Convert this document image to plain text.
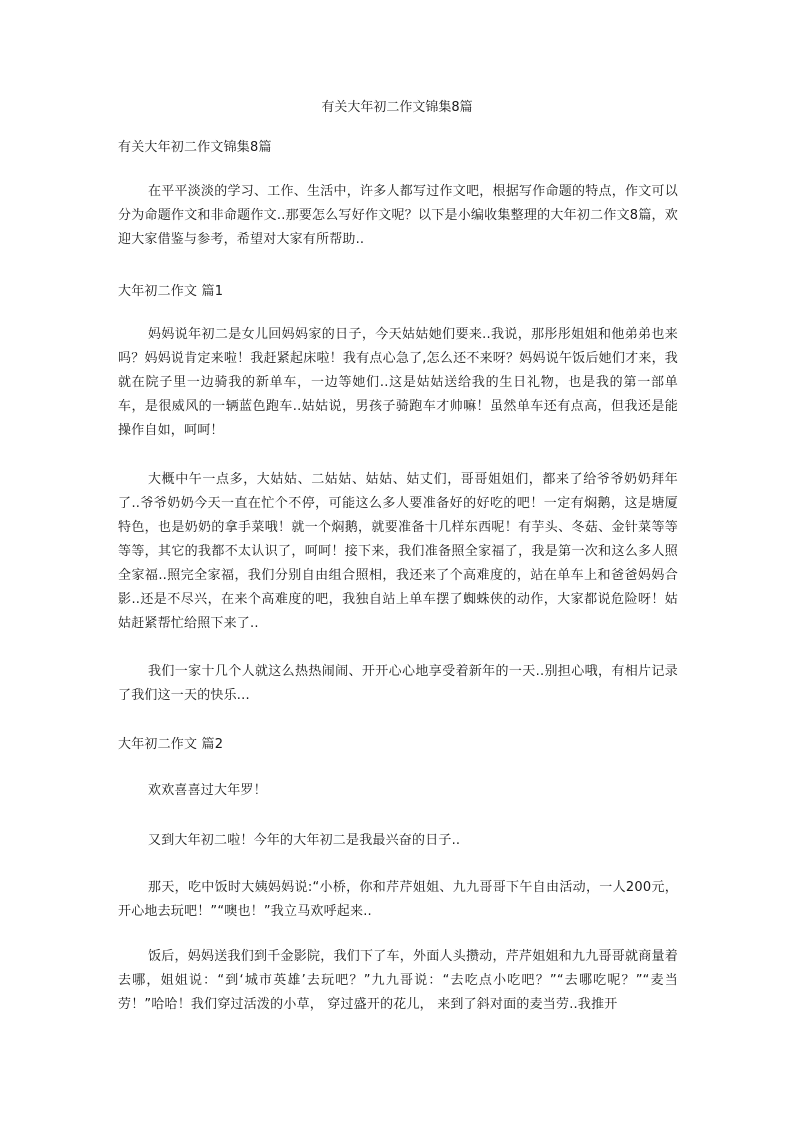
有关大年初二作文锦集8篇

有关大年初二作文锦集8篇

在平平淡淡的学习、工作、生活中，许多人都写过作文吧，根据写作命题的特点，作文可以分为命题作文和非命题作文..那要怎么写好作文呢？以下是小编收集整理的大年初二作文8篇，欢迎大家借鉴与参考，希望对大家有所帮助..

大年初二作文 篇1

妈妈说年初二是女儿回妈妈家的日子，今天姑姑她们要来..我说，那彤彤姐姐和他弟弟也来吗？妈妈说肯定来啦！我赶紧起床啦！我有点心急了,怎么还不来呀？妈妈说午饭后她们才来，我就在院子里一边骑我的新单车，一边等她们..这是姑姑送给我的生日礼物，也是我的第一部单车，是很威风的一辆蓝色跑车..姑姑说，男孩子骑跑车才帅嘛！虽然单车还有点高，但我还是能操作自如，呵呵！

大概中午一点多，大姑姑、二姑姑、姑姑、姑丈们，哥哥姐姐们，都来了给爷爷奶奶拜年了..爷爷奶奶今天一直在忙个不停，可能这么多人要准备好的好吃的吧！一定有焖鹅，这是塘厦特色，也是奶奶的拿手菜哦！就一个焖鹅，就要准备十几样东西呢！有芋头、冬菇、金针菜等等等等，其它的我都不太认识了，呵呵！接下来，我们准备照全家福了，我是第一次和这么多人照全家福..照完全家福，我们分别自由组合照相，我还来了个高难度的，站在单车上和爸爸妈妈合影..还是不尽兴，在来个高难度的吧，我独自站上单车摆了蜘蛛侠的动作，大家都说危险呀！姑姑赶紧帮忙给照下来了..

我们一家十几个人就这么热热闹闹、开开心心地享受着新年的一天..别担心哦，有相片记录了我们这一天的快乐...

大年初二作文 篇2

欢欢喜喜过大年罗！

又到大年初二啦！今年的大年初二是我最兴奋的日子..

那天，吃中饭时大姨妈妈说:“小桥，你和芹芹姐姐、九九哥哥下午自由活动，一人200元，开心地去玩吧！”“噢也！”我立马欢呼起来..

饭后，妈妈送我们到千金影院，我们下了车，外面人头攒动，芹芹姐姐和九九哥哥就商量着去哪，姐姐说：“到‘城市英雄’去玩吧？”九九哥说：“去吃点小吃吧？”“去哪吃呢？”“麦当劳！”哈哈！我们穿过活泼的小草， 穿过盛开的花儿， 来到了斜对面的麦当劳..我推开
